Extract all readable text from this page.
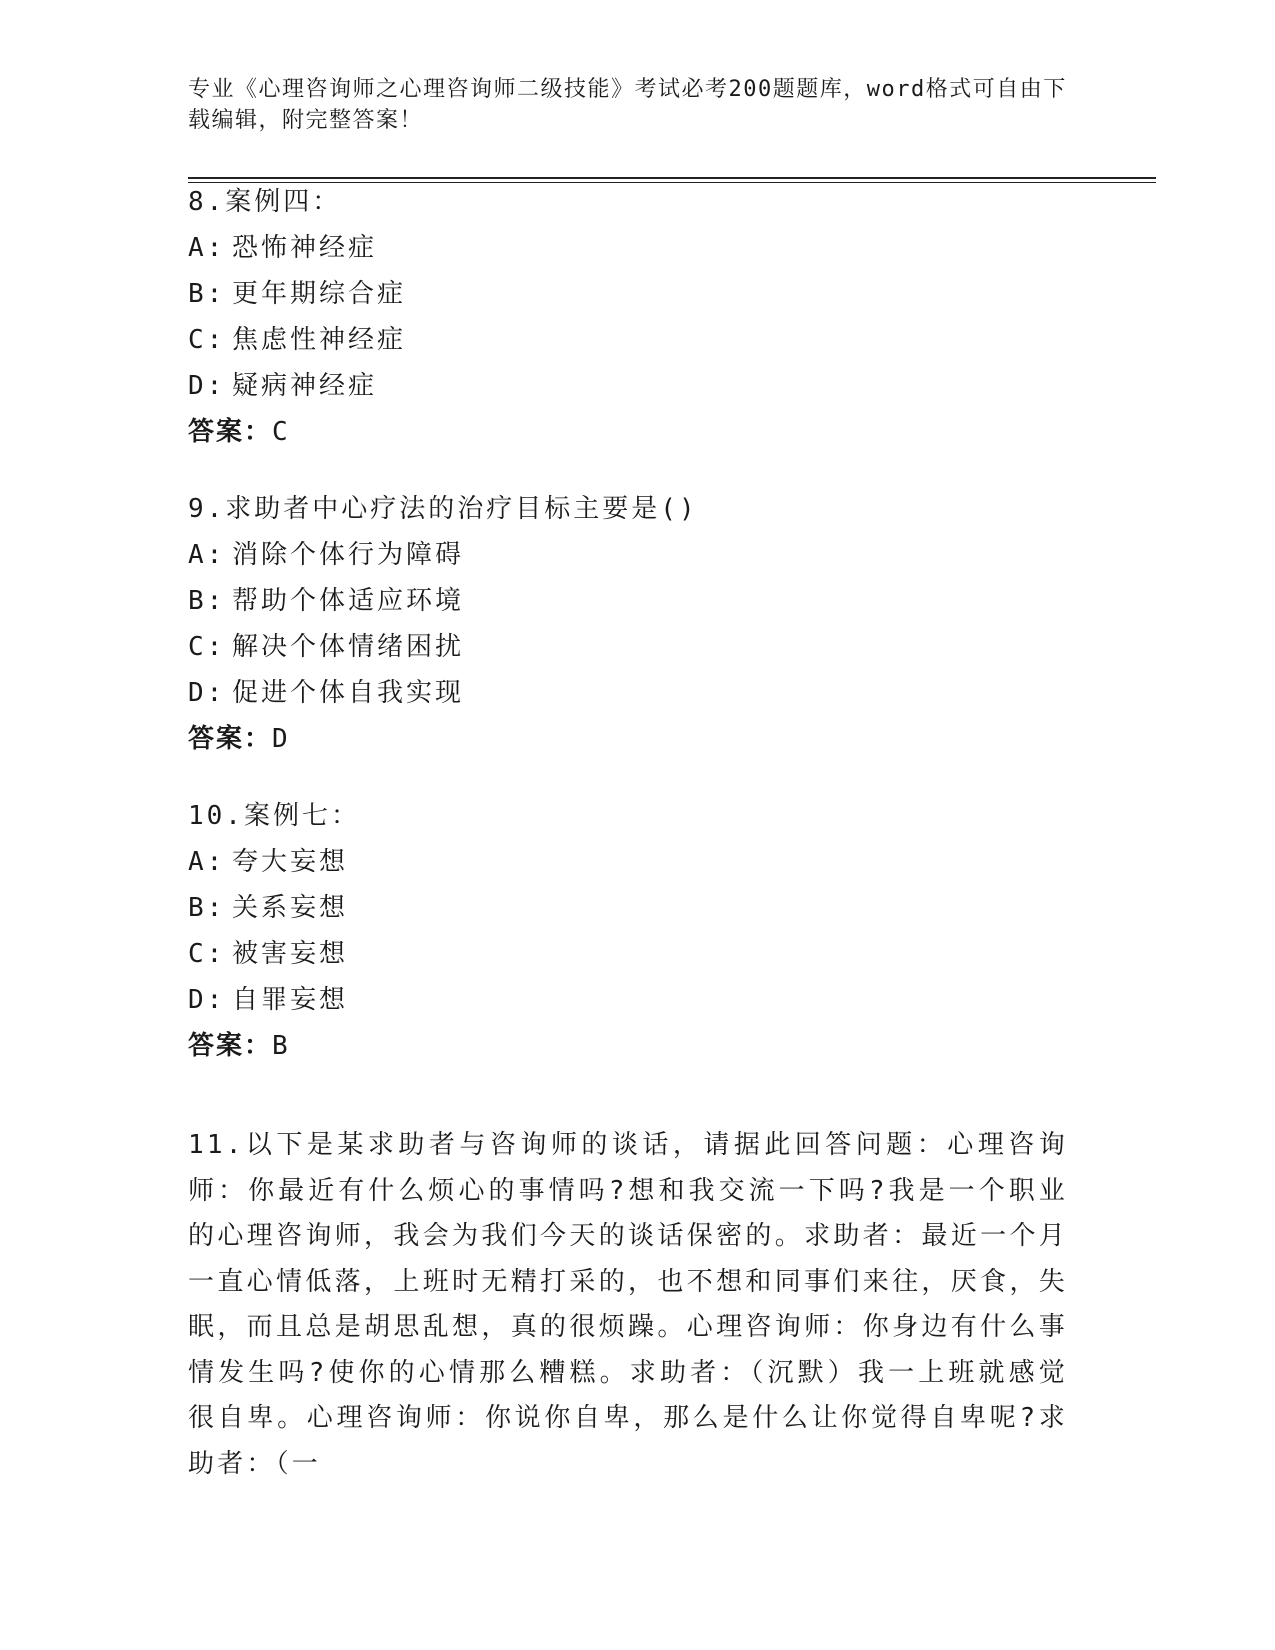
专业《心理咨询师之心理咨询师二级技能》考试必考200题题库，word格式可自由下载编辑，附完整答案！
8.案例四：
A: 恐怖神经症
B: 更年期综合症
C: 焦虑性神经症
D: 疑病神经症
答案：C
9.求助者中心疗法的治疗目标主要是()
A: 消除个体行为障碍
B: 帮助个体适应环境
C: 解决个体情绪困扰
D: 促进个体自我实现
答案：D
10.案例七：
A: 夸大妄想
B: 关系妄想
C: 被害妄想
D: 自罪妄想
答案：B
11.以下是某求助者与咨询师的谈话，请据此回答问题：心理咨询师：你最近有什么烦心的事情吗?想和我交流一下吗?我是一个职业的心理咨询师，我会为我们今天的谈话保密的。求助者：最近一个月一直心情低落，上班时无精打采的，也不想和同事们来往，厌食，失眠，而且总是胡思乱想，真的很烦躁。心理咨询师：你身边有什么事情发生吗?使你的心情那么糟糕。求助者：（沉默）我一上班就感觉很自卑。心理咨询师：你说你自卑，那么是什么让你觉得自卑呢?求助者：（一
